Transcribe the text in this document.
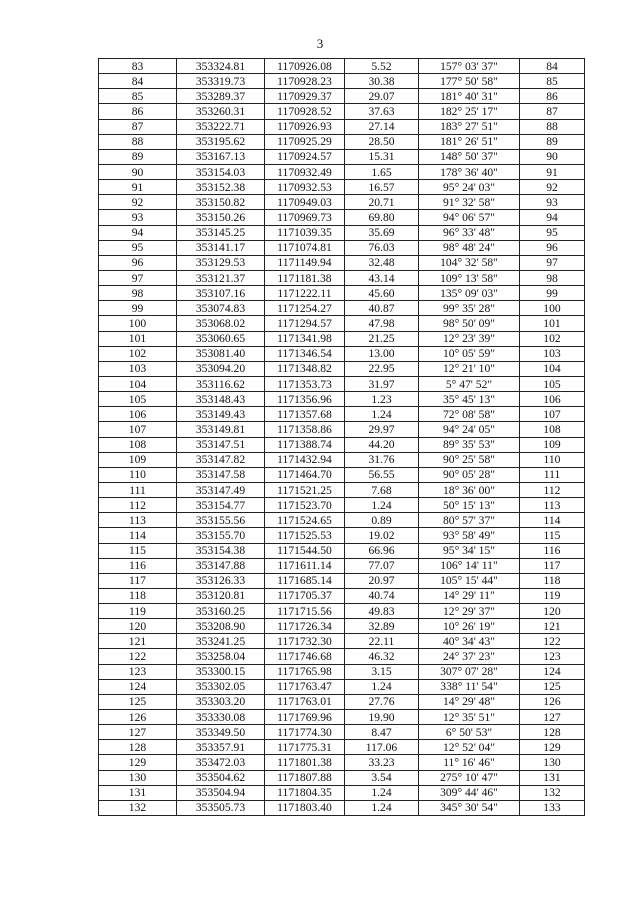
3
83	353324.81	1170926.08	5.52	157° 03' 37"	84
84	353319.73	1170928.23	30.38	177° 50' 58"	85
85	353289.37	1170929.37	29.07	181° 40' 31"	86
86	353260.31	1170928.52	37.63	182° 25' 17"	87
87	353222.71	1170926.93	27.14	183° 27' 51"	88
88	353195.62	1170925.29	28.50	181° 26' 51"	89
89	353167.13	1170924.57	15.31	148° 50' 37"	90
90	353154.03	1170932.49	1.65	178° 36' 40"	91
91	353152.38	1170932.53	16.57	95° 24' 03"	92
92	353150.82	1170949.03	20.71	91° 32' 58"	93
93	353150.26	1170969.73	69.80	94° 06' 57"	94
94	353145.25	1171039.35	35.69	96° 33' 48"	95
95	353141.17	1171074.81	76.03	98° 48' 24"	96
96	353129.53	1171149.94	32.48	104° 32' 58"	97
97	353121.37	1171181.38	43.14	109° 13' 58"	98
98	353107.16	1171222.11	45.60	135° 09' 03"	99
99	353074.83	1171254.27	40.87	99° 35' 28"	100
100	353068.02	1171294.57	47.98	98° 50' 09"	101
101	353060.65	1171341.98	21.25	12° 23' 39"	102
102	353081.40	1171346.54	13.00	10° 05' 59"	103
103	353094.20	1171348.82	22.95	12° 21' 10"	104
104	353116.62	1171353.73	31.97	5° 47' 52"	105
105	353148.43	1171356.96	1.23	35° 45' 13"	106
106	353149.43	1171357.68	1.24	72° 08' 58"	107
107	353149.81	1171358.86	29.97	94° 24' 05"	108
108	353147.51	1171388.74	44.20	89° 35' 53"	109
109	353147.82	1171432.94	31.76	90° 25' 58"	110
110	353147.58	1171464.70	56.55	90° 05' 28"	111
111	353147.49	1171521.25	7.68	18° 36' 00"	112
112	353154.77	1171523.70	1.24	50° 15' 13"	113
113	353155.56	1171524.65	0.89	80° 57' 37"	114
114	353155.70	1171525.53	19.02	93° 58' 49"	115
115	353154.38	1171544.50	66.96	95° 34' 15"	116
116	353147.88	1171611.14	77.07	106° 14' 11"	117
117	353126.33	1171685.14	20.97	105° 15' 44"	118
118	353120.81	1171705.37	40.74	14° 29' 11"	119
119	353160.25	1171715.56	49.83	12° 29' 37"	120
120	353208.90	1171726.34	32.89	10° 26' 19"	121
121	353241.25	1171732.30	22.11	40° 34' 43"	122
122	353258.04	1171746.68	46.32	24° 37' 23"	123
123	353300.15	1171765.98	3.15	307° 07' 28"	124
124	353302.05	1171763.47	1.24	338° 11' 54"	125
125	353303.20	1171763.01	27.76	14° 29' 48"	126
126	353330.08	1171769.96	19.90	12° 35' 51"	127
127	353349.50	1171774.30	8.47	6° 50' 53"	128
128	353357.91	1171775.31	117.06	12° 52' 04"	129
129	353472.03	1171801.38	33.23	11° 16' 46"	130
130	353504.62	1171807.88	3.54	275° 10' 47"	131
131	353504.94	1171804.35	1.24	309° 44' 46"	132
132	353505.73	1171803.40	1.24	345° 30' 54"	133
